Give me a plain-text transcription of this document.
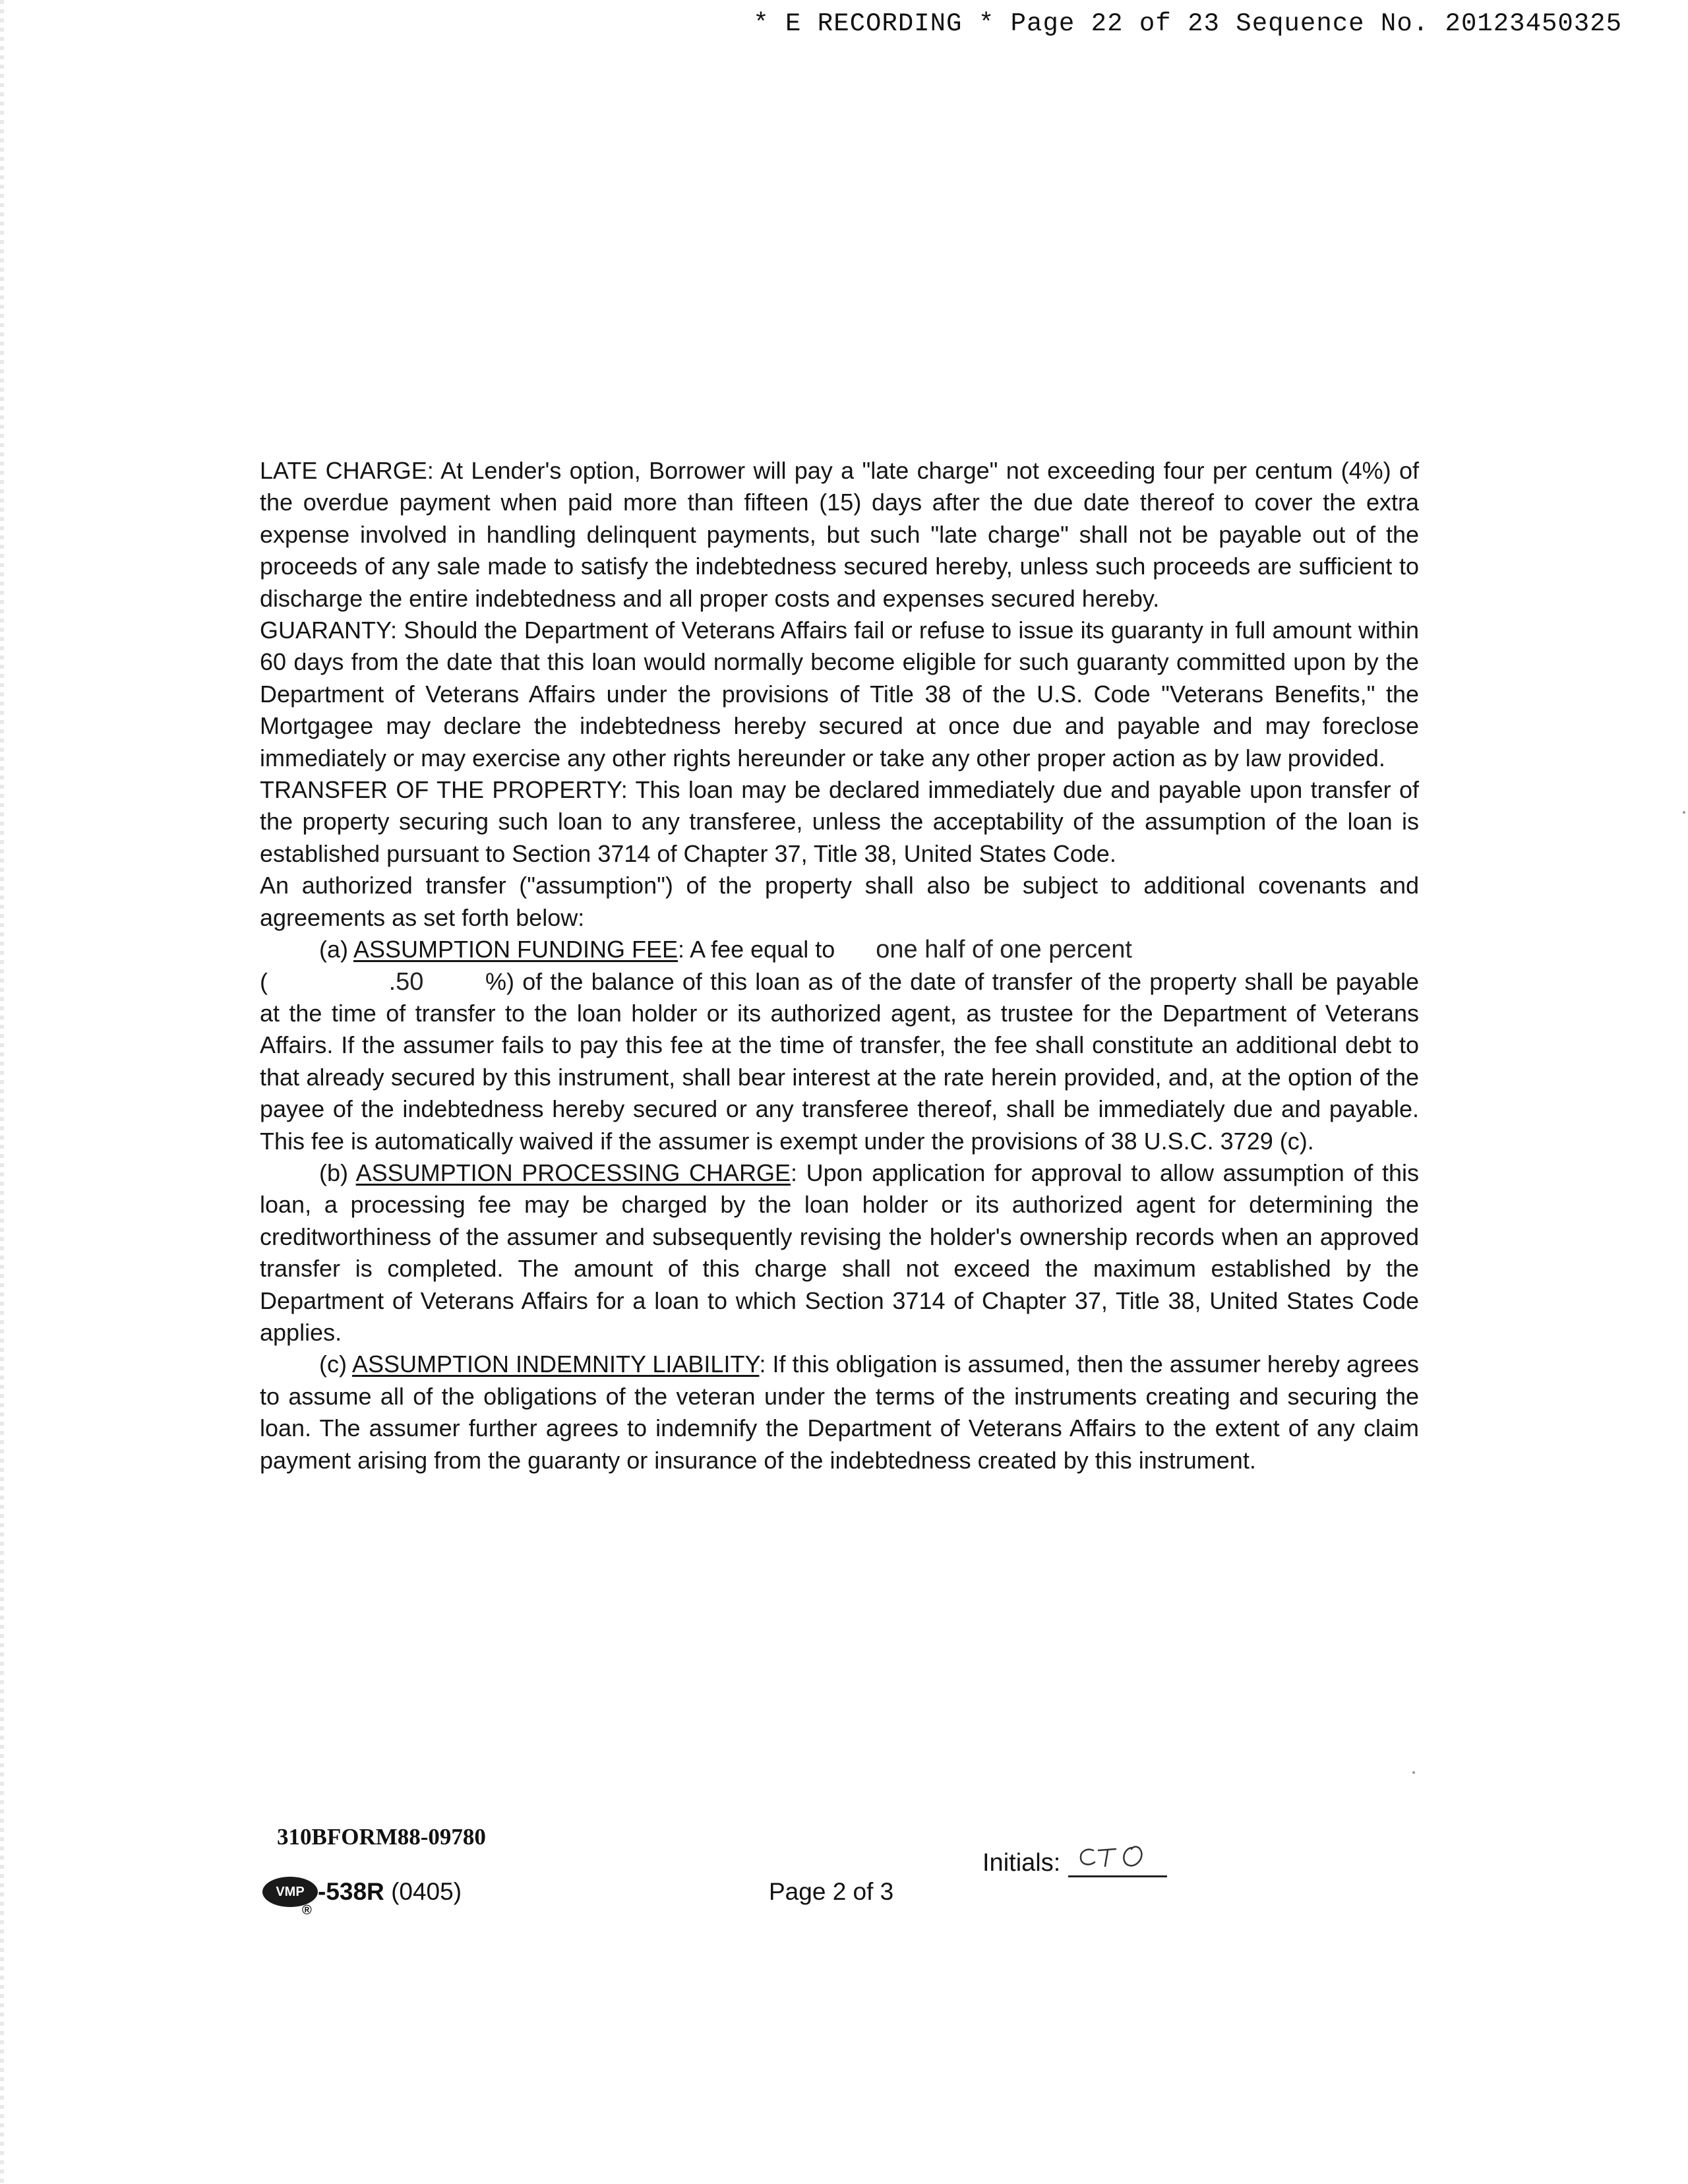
* E RECORDING * Page 22 of 23 Sequence No. 20123450325

LATE CHARGE: At Lender's option, Borrower will pay a "late charge" not exceeding four per centum (4%) of the overdue payment when paid more than fifteen (15) days after the due date thereof to cover the extra expense involved in handling delinquent payments, but such "late charge" shall not be payable out of the proceeds of any sale made to satisfy the indebtedness secured hereby, unless such proceeds are sufficient to discharge the entire indebtedness and all proper costs and expenses secured hereby.

GUARANTY: Should the Department of Veterans Affairs fail or refuse to issue its guaranty in full amount within 60 days from the date that this loan would normally become eligible for such guaranty committed upon by the Department of Veterans Affairs under the provisions of Title 38 of the U.S. Code "Veterans Benefits," the Mortgagee may declare the indebtedness hereby secured at once due and payable and may foreclose immediately or may exercise any other rights hereunder or take any other proper action as by law provided.

TRANSFER OF THE PROPERTY: This loan may be declared immediately due and payable upon transfer of the property securing such loan to any transferee, unless the acceptability of the assumption of the loan is established pursuant to Section 3714 of Chapter 37, Title 38, United States Code.

An authorized transfer ("assumption") of the property shall also be subject to additional covenants and agreements as set forth below:

(a) ASSUMPTION FUNDING FEE: A fee equal to one half of one percent
(	.50	%) of the balance of this loan as of the date of transfer of the property shall be payable at the time of transfer to the loan holder or its authorized agent, as trustee for the Department of Veterans Affairs. If the assumer fails to pay this fee at the time of transfer, the fee shall constitute an additional debt to that already secured by this instrument, shall bear interest at the rate herein provided, and, at the option of the payee of the indebtedness hereby secured or any transferee thereof, shall be immediately due and payable. This fee is automatically waived if the assumer is exempt under the provisions of 38 U.S.C. 3729 (c).

(b) ASSUMPTION PROCESSING CHARGE: Upon application for approval to allow assumption of this loan, a processing fee may be charged by the loan holder or its authorized agent for determining the creditworthiness of the assumer and subsequently revising the holder's ownership records when an approved transfer is completed. The amount of this charge shall not exceed the maximum established by the Department of Veterans Affairs for a loan to which Section 3714 of Chapter 37, Title 38, United States Code applies.

(c) ASSUMPTION INDEMNITY LIABILITY: If this obligation is assumed, then the assumer hereby agrees to assume all of the obligations of the veteran under the terms of the instruments creating and securing the loan. The assumer further agrees to indemnify the Department of Veterans Affairs to the extent of any claim payment arising from the guaranty or insurance of the indebtedness created by this instrument.

310BFORM88-09780
VMP
®
-538R
(0405)	Page 2 of 3
Initials:
